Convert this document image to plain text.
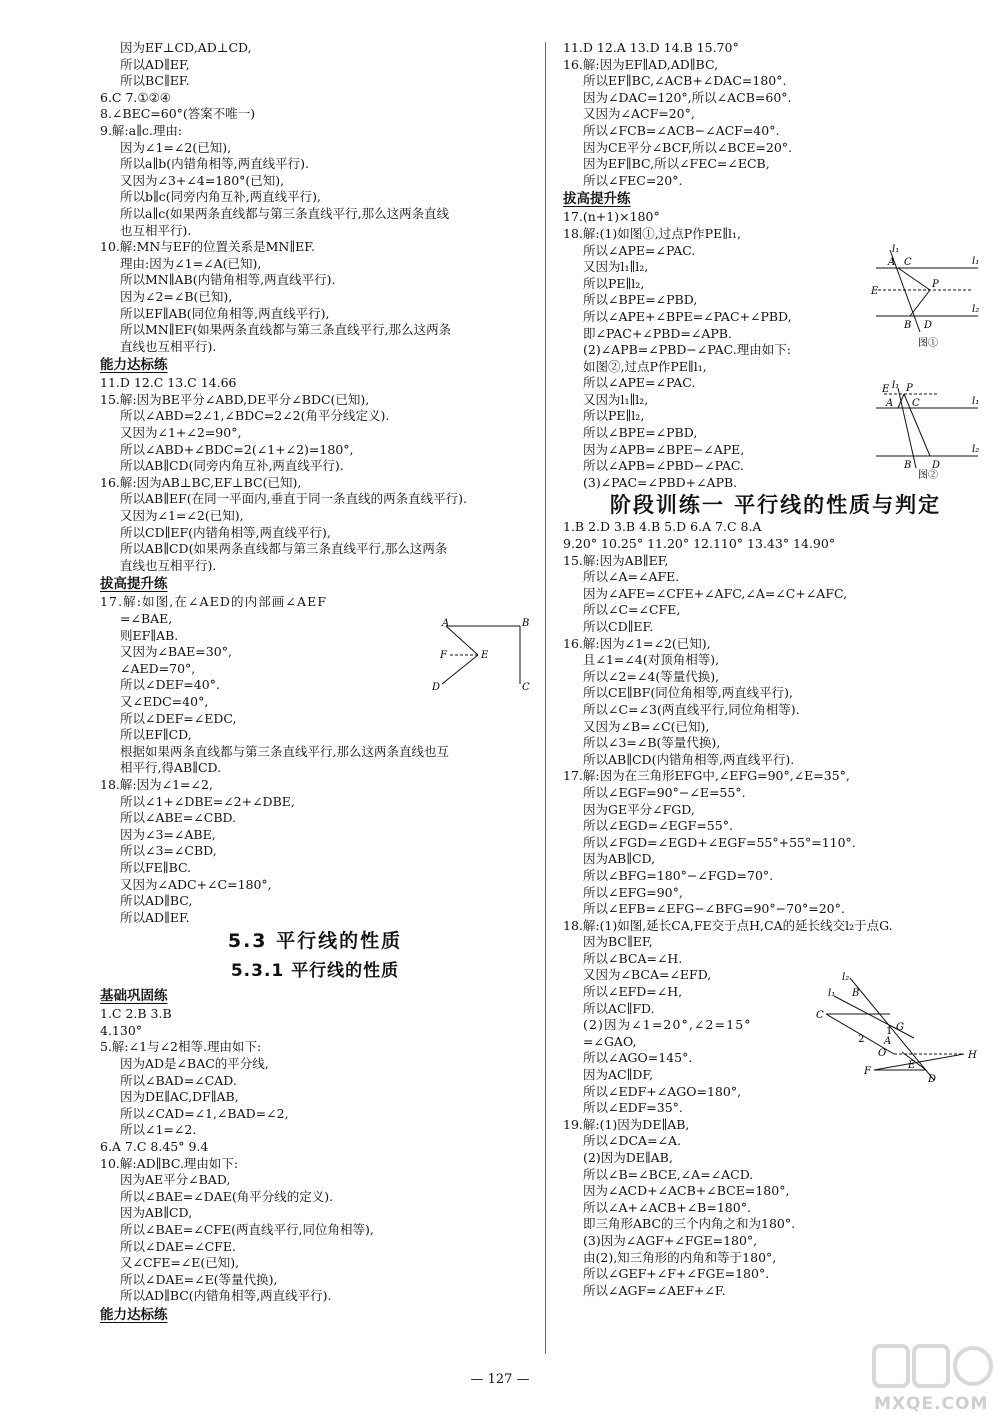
因为EF⊥CD,AD⊥CD,
所以AD∥EF,
所以BC∥EF.
6.C 7.①②④
8.∠BEC=60°(答案不唯一)
9.解:a∥c.理由:
因为∠1=∠2(已知),
所以a∥b(内错角相等,两直线平行).
又因为∠3+∠4=180°(已知),
所以b∥c(同旁内角互补,两直线平行),
所以a∥c(如果两条直线都与第三条直线平行,那么这两条直线
也互相平行).
10.解:MN与EF的位置关系是MN∥EF.
理由:因为∠1=∠A(已知),
所以MN∥AB(内错角相等,两直线平行).
因为∠2=∠B(已知),
所以EF∥AB(同位角相等,两直线平行),
所以MN∥EF(如果两条直线都与第三条直线平行,那么这两条
直线也互相平行).
能力达标练
11.D 12.C 13.C 14.66
15.解:因为BE平分∠ABD,DE平分∠BDC(已知),
所以∠ABD=2∠1,∠BDC=2∠2(角平分线定义).
又因为∠1+∠2=90°,
所以∠ABD+∠BDC=2(∠1+∠2)=180°,
所以AB∥CD(同旁内角互补,两直线平行).
16.解:因为AB⊥BC,EF⊥BC(已知),
所以AB∥EF(在同一平面内,垂直于同一条直线的两条直线平行).
又因为∠1=∠2(已知),
所以CD∥EF(内错角相等,两直线平行),
所以AB∥CD(如果两条直线都与第三条直线平行,那么这两条
直线也互相平行).
拔高提升练
17.解:如图,在∠AED的内部画∠AEF
=∠BAE,
则EF∥AB.
又因为∠BAE=30°,
∠AED=70°,
所以∠DEF=40°.
又∠EDC=40°,
所以∠DEF=∠EDC,
所以EF∥CD,
根据如果两条直线都与第三条直线平行,那么这两条直线也互
相平行,得AB∥CD.
18.解:因为∠1=∠2,
所以∠1+∠DBE=∠2+∠DBE,
所以∠ABE=∠CBD.
因为∠3=∠ABE,
所以∠3=∠CBD,
所以FE∥BC.
又因为∠ADC+∠C=180°,
所以AD∥BC,
所以AD∥EF.
5.3 平行线的性质
5.3.1 平行线的性质
基础巩固练
1.C 2.B 3.B
4.130°
5.解:∠1与∠2相等.理由如下:
因为AD是∠BAC的平分线,
所以∠BAD=∠CAD.
因为DE∥AC,DF∥AB,
所以∠CAD=∠1,∠BAD=∠2,
所以∠1=∠2.
6.A 7.C 8.45° 9.4
10.解:AD∥BC.理由如下:
因为AE平分∠BAD,
所以∠BAE=∠DAE(角平分线的定义).
因为AB∥CD,
所以∠BAE=∠CFE(两直线平行,同位角相等),
所以∠DAE=∠CFE.
又∠CFE=∠E(已知),
所以∠DAE=∠E(等量代换),
所以AD∥BC(内错角相等,两直线平行).
能力达标练
11.D 12.A 13.D 14.B 15.70°
16.解:因为EF∥AD,AD∥BC,
所以EF∥BC,∠ACB+∠DAC=180°.
因为∠DAC=120°,所以∠ACB=60°.
又因为∠ACF=20°,
所以∠FCB=∠ACB−∠ACF=40°.
因为CE平分∠BCF,所以∠BCE=20°.
因为EF∥BC,所以∠FEC=∠ECB,
所以∠FEC=20°.
拔高提升练
17.(n+1)×180°
18.解:(1)如图①,过点P作PE∥l₁,
所以∠APE=∠PAC.
又因为l₁∥l₂,
所以PE∥l₂,
所以∠BPE=∠PBD,
所以∠APE+∠BPE=∠PAC+∠PBD,
即∠PAC+∠PBD=∠APB.
(2)∠APB=∠PBD−∠PAC.理由如下:
如图②,过点P作PE∥l₁,
所以∠APE=∠PAC.
又因为l₁∥l₂,
所以PE∥l₂,
所以∠BPE=∠PBD,
因为∠APB=∠BPE−∠APE,
所以∠APB=∠PBD−∠PAC.
(3)∠PAC=∠PBD+∠APB.
阶段训练一 平行线的性质与判定
1.B 2.D 3.B 4.B 5.D 6.A 7.C 8.A
9.20° 10.25° 11.20° 12.110° 13.43° 14.90°
15.解:因为AB∥EF,
所以∠A=∠AFE.
因为∠AFE=∠CFE+∠AFC,∠A=∠C+∠AFC,
所以∠C=∠CFE,
所以CD∥EF.
16.解:因为∠1=∠2(已知),
且∠1=∠4(对顶角相等),
所以∠2=∠4(等量代换),
所以CE∥BF(同位角相等,两直线平行),
所以∠C=∠3(两直线平行,同位角相等).
又因为∠B=∠C(已知),
所以∠3=∠B(等量代换),
所以AB∥CD(内错角相等,两直线平行).
17.解:因为在三角形EFG中,∠EFG=90°,∠E=35°,
所以∠EGF=90°−∠E=55°.
因为GE平分∠FGD,
所以∠EGD=∠EGF=55°.
所以∠FGD=∠EGD+∠EGF=55°+55°=110°.
因为AB∥CD,
所以∠BFG=180°−∠FGD=70°.
所以∠EFG=90°,
所以∠EFB=∠EFG−∠BFG=90°−70°=20°.
18.解:(1)如图,延长CA,FE交于点H,CA的延长线交l₂于点G.
因为BC∥EF,
所以∠BCA=∠H.
又因为∠BCA=∠EFD,
所以∠EFD=∠H,
所以AC∥FD.
(2)因为∠1=20°,∠2=15°
=∠GAO,
所以∠AGO=145°.
因为AC∥DF,
所以∠EDF+∠AGO=180°,
所以∠EDF=35°.
19.解:(1)因为DE∥AB,
所以∠DCA=∠A.
(2)因为DE∥AB,
所以∠B=∠BCE,∠A=∠ACD.
因为∠ACD+∠ACB+∠BCE=180°,
所以∠A+∠ACB+∠B=180°.
即三角形ABC的三个内角之和为180°.
(3)因为∠AGF+∠FGE=180°,
由(2),知三角形的内角和等于180°,
所以∠GEF+∠F+∠FGE=180°.
所以∠AGF=∠AEF+∠F.
A	B
C
D
E
F
A C
E
P
B D
l₁
l₁
l₂
图①
E P
A C
B D
l₁
l₁
l₂
图②
l₂
B
l₁
C
G
A
O
1
2
H
F
E
D
— 127 —
MXQE.COM
